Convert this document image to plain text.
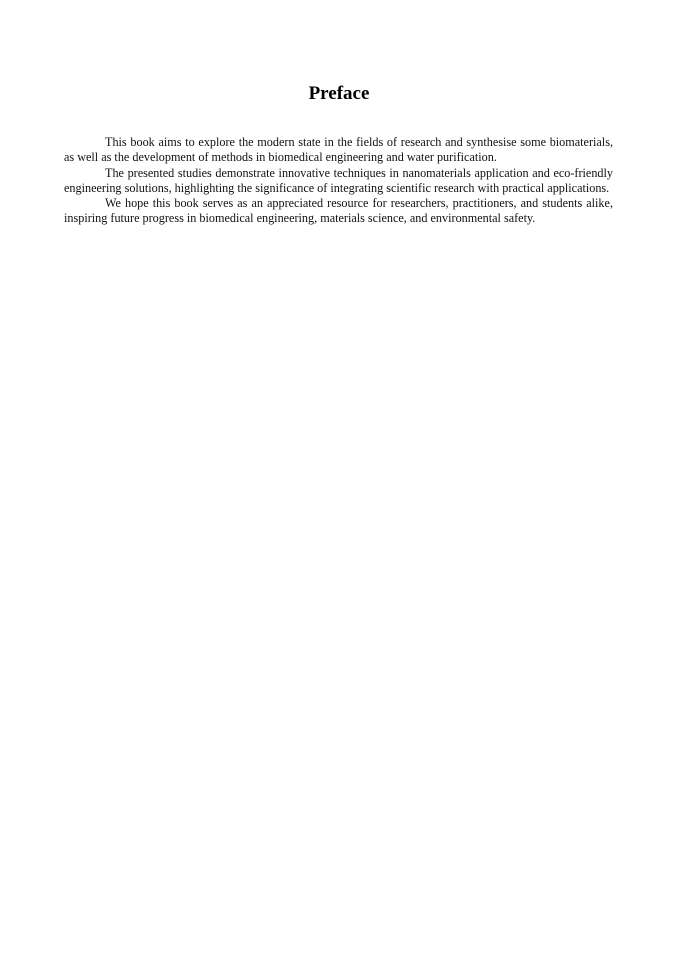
Preface

This book aims to explore the modern state in the fields of research and synthesise some biomaterials, as well as the development of methods in biomedical engineering and water purification.

The presented studies demonstrate innovative techniques in nanomaterials application and eco-friendly engineering solutions, highlighting the significance of integrating scientific research with practical applications.

We hope this book serves as an appreciated resource for researchers, practitioners, and students alike, inspiring future progress in biomedical engineering, materials science, and environmental safety.
